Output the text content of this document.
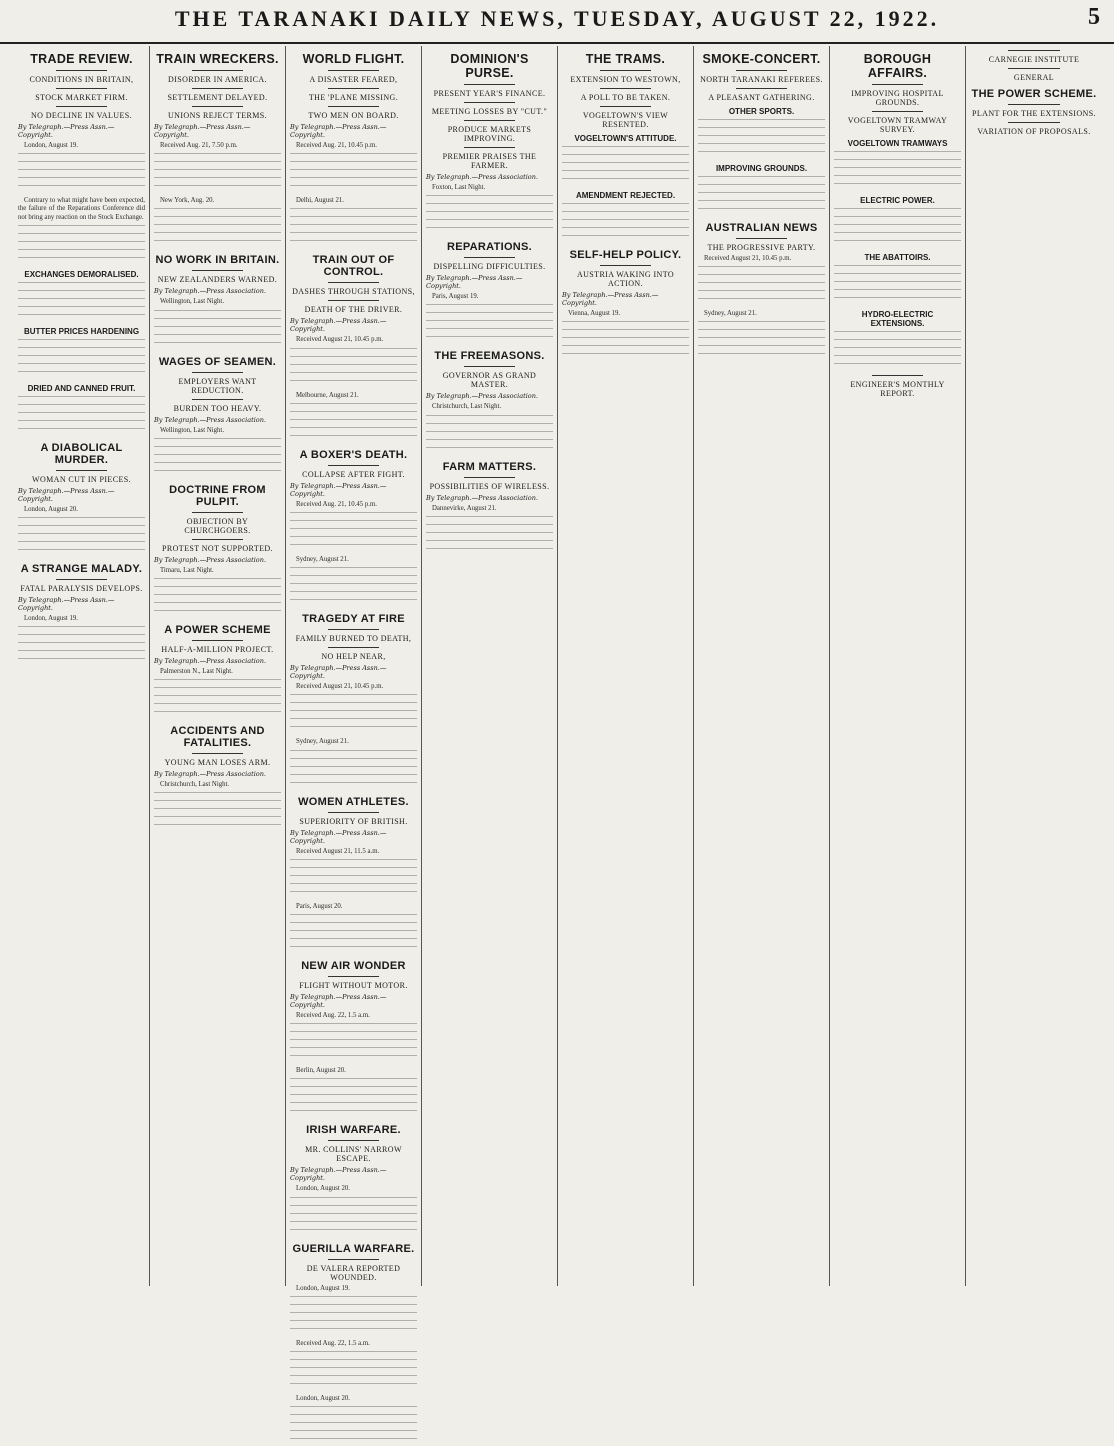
THE TARANAKI DAILY NEWS, TUESDAY, AUGUST 22, 1922.	5
TRADE REVIEW.
CONDITIONS IN BRITAIN,
STOCK MARKET FIRM.
NO DECLINE IN VALUES.
By Telegraph.—Press Assn.—Copyright.
London, August 19.
Contrary to what might have been expected, the failure of the Reparations Conference did not bring any reaction on the Stock Exchange.
EXCHANGES DEMORALISED.
BUTTER PRICES HARDENING
DRIED AND CANNED FRUIT.
A DIABOLICAL MURDER.
WOMAN CUT IN PIECES.
By Telegraph.—Press Assn.—Copyright.
London, August 20.
A STRANGE MALADY.
FATAL PARALYSIS DEVELOPS.
By Telegraph.—Press Assn.—Copyright.
London, August 19.
TRAIN WRECKERS.
DISORDER IN AMERICA.
SETTLEMENT DELAYED.
UNIONS REJECT TERMS.
By Telegraph.—Press Assn.—Copyright.
Received Aug. 21, 7.50 p.m.
New York, Aug. 20.
NO WORK IN BRITAIN.
NEW ZEALANDERS WARNED.
By Telegraph.—Press Association.
Wellington, Last Night.
WAGES OF SEAMEN.
EMPLOYERS WANT REDUCTION.
BURDEN TOO HEAVY.
By Telegraph.—Press Association.
Wellington, Last Night.
DOCTRINE FROM PULPIT.
OBJECTION BY CHURCHGOERS.
PROTEST NOT SUPPORTED.
By Telegraph.—Press Association.
Timaru, Last Night.
A POWER SCHEME
HALF-A-MILLION PROJECT.
By Telegraph.—Press Association.
Palmerston N., Last Night.
ACCIDENTS AND FATALITIES.
YOUNG MAN LOSES ARM.
By Telegraph.—Press Association.
Christchurch, Last Night.
WORLD FLIGHT.
A DISASTER FEARED,
THE 'PLANE MISSING.
TWO MEN ON BOARD.
By Telegraph.—Press Assn.—Copyright.
Received Aug. 21, 10.45 p.m.
Delhi, August 21.
TRAIN OUT OF CONTROL.
DASHES THROUGH STATIONS,
DEATH OF THE DRIVER.
By Telegraph.—Press Assn.—Copyright.
Received August 21, 10.45 p.m.
Melbourne, August 21.
A BOXER'S DEATH.
COLLAPSE AFTER FIGHT.
By Telegraph.—Press Assn.—Copyright.
Received Aug. 21, 10.45 p.m.
Sydney, August 21.
TRAGEDY AT FIRE
FAMILY BURNED TO DEATH,
NO HELP NEAR,
By Telegraph.—Press Assn.—Copyright.
Received August 21, 10.45 p.m.
Sydney, August 21.
WOMEN ATHLETES.
SUPERIORITY OF BRITISH.
By Telegraph.—Press Assn.—Copyright.
Received August 21, 11.5 a.m.
Paris, August 20.
NEW AIR WONDER
FLIGHT WITHOUT MOTOR.
By Telegraph.—Press Assn.—Copyright.
Received Aug. 22, 1.5 a.m.
Berlin, August 20.
IRISH WARFARE.
MR. COLLINS' NARROW ESCAPE.
By Telegraph.—Press Assn.—Copyright.
London, August 20.
GUERILLA WARFARE.
DE VALERA REPORTED WOUNDED.
London, August 19.
Received Aug. 22, 1.5 a.m.
London, August 20.
DOMINION'S PURSE.
PRESENT YEAR'S FINANCE.
MEETING LOSSES BY "CUT."
PRODUCE MARKETS IMPROVING.
PREMIER PRAISES THE FARMER.
By Telegraph.—Press Association.
Foxton, Last Night.
REPARATIONS.
DISPELLING DIFFICULTIES.
By Telegraph.—Press Assn.—Copyright.
Paris, August 19.
THE FREEMASONS.
GOVERNOR AS GRAND MASTER.
By Telegraph.—Press Association.
Christchurch, Last Night.
FARM MATTERS.
POSSIBILITIES OF WIRELESS.
By Telegraph.—Press Association.
Dannevirke, August 21.
THE TRAMS.
EXTENSION TO WESTOWN,
A POLL TO BE TAKEN.
VOGELTOWN'S VIEW RESENTED.
VOGELTOWN'S ATTITUDE.
AMENDMENT REJECTED.
SELF-HELP POLICY.
AUSTRIA WAKING INTO ACTION.
By Telegraph.—Press Assn.—Copyright.
Vienna, August 19.
SMOKE-CONCERT.
NORTH TARANAKI REFEREES.
A PLEASANT GATHERING.
OTHER SPORTS.
IMPROVING GROUNDS.
AUSTRALIAN NEWS
THE PROGRESSIVE PARTY.
Received August 21, 10.45 p.m.
Sydney, August 21.
BOROUGH AFFAIRS.
IMPROVING HOSPITAL GROUNDS.
VOGELTOWN TRAMWAY SURVEY.
VOGELTOWN TRAMWAYS
ELECTRIC POWER.
THE ABATTOIRS.
HYDRO-ELECTRIC EXTENSIONS.
ENGINEER'S MONTHLY REPORT.
CARNEGIE INSTITUTE
GENERAL
THE POWER SCHEME.
PLANT FOR THE EXTENSIONS.
VARIATION OF PROPOSALS.
